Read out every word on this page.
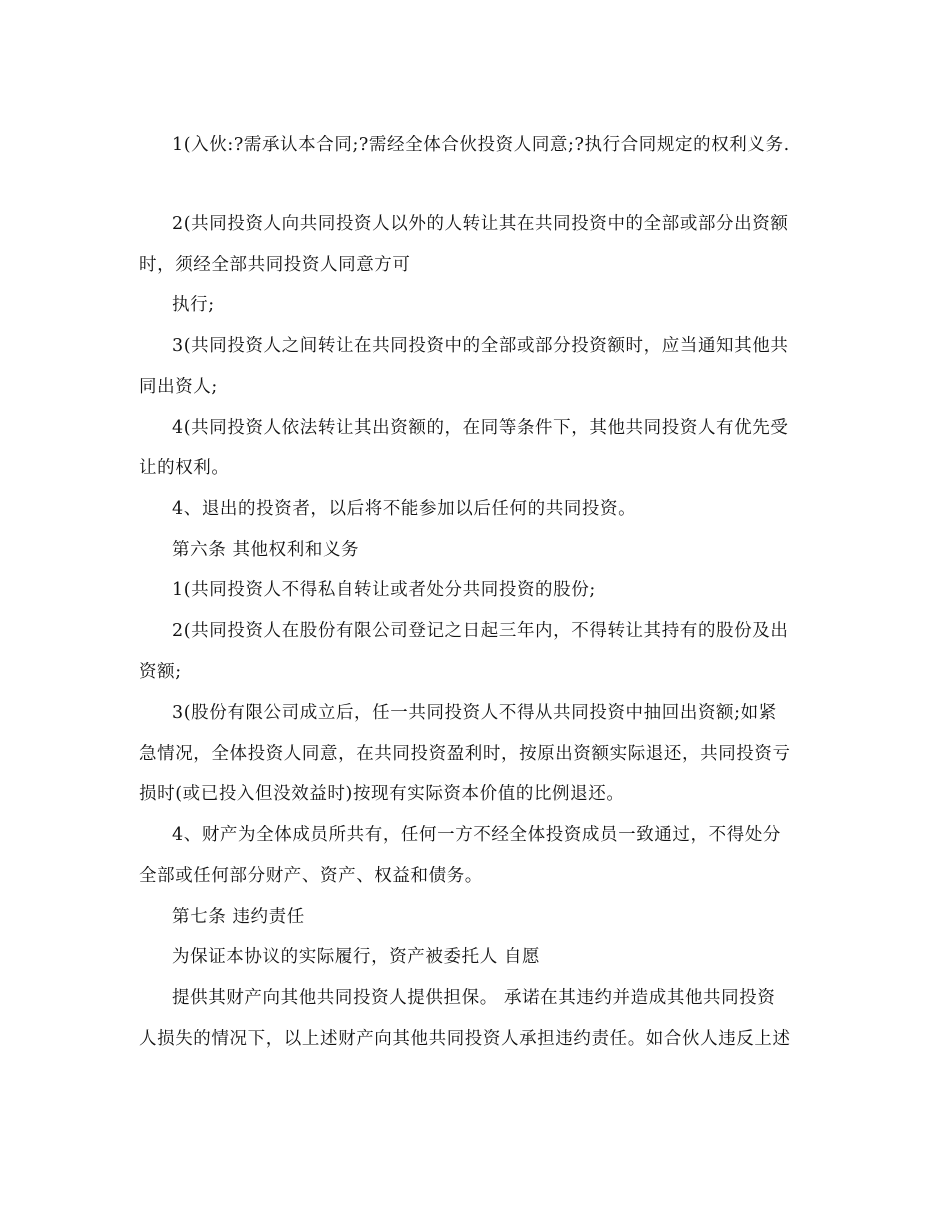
1(入伙:?需承认本合同;?需经全体合伙投资人同意;?执行合同规定的权利义务.
2(共同投资人向共同投资人以外的人转让其在共同投资中的全部或部分出资额
时，须经全部共同投资人同意方可
执行;
3(共同投资人之间转让在共同投资中的全部或部分投资额时，应当通知其他共
同出资人;
4(共同投资人依法转让其出资额的，在同等条件下，其他共同投资人有优先受
让的权利。
4、退出的投资者，以后将不能参加以后任何的共同投资。
第六条 其他权利和义务
1(共同投资人不得私自转让或者处分共同投资的股份;
2(共同投资人在股份有限公司登记之日起三年内，不得转让其持有的股份及出
资额;
3(股份有限公司成立后，任一共同投资人不得从共同投资中抽回出资额;如紧
急情况，全体投资人同意，在共同投资盈利时，按原出资额实际退还，共同投资亏
损时(或已投入但没效益时)按现有实际资本价值的比例退还。
4、财产为全体成员所共有，任何一方不经全体投资成员一致通过，不得处分
全部或任何部分财产、资产、权益和债务。
第七条 违约责任
为保证本协议的实际履行，资产被委托人 自愿
提供其财产向其他共同投资人提供担保。 承诺在其违约并造成其他共同投资
人损失的情况下，以上述财产向其他共同投资人承担违约责任。如合伙人违反上述
